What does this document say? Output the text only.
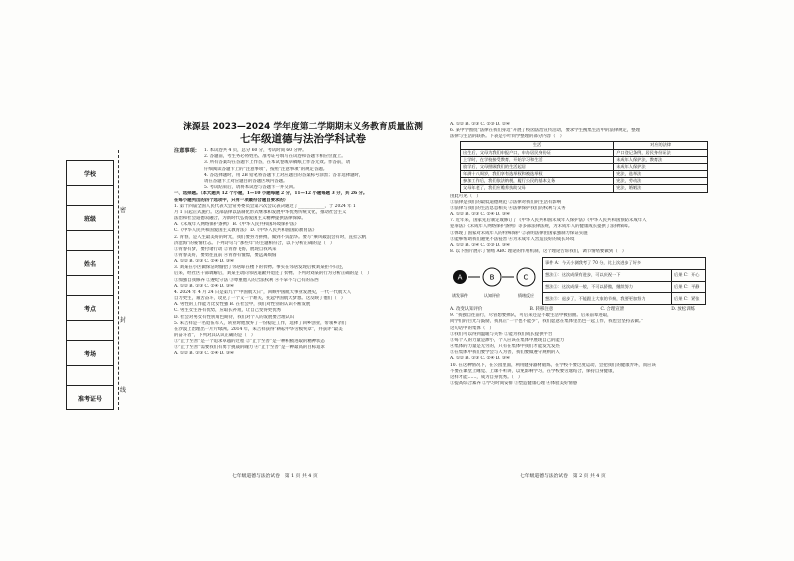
学校
班级
姓名
考点
考场
准考证号
密
封
线
涞源县 2023—2024 学年度第二学期期末义务教育质量监测
七年级道德与法治学科试卷
注意事项： 1. 本试卷共 4 页，总分 60 分，考试时间 60 分钟。
2. 答题前，考生务必将姓名、准考证号填写在试卷和答题卡相应位置上。
3. 所有答案均在答题卡上作答，在本试卷或草稿纸上作答无效。作答前，请
仔细阅读答题卡上的“注意事项”，按照“注意事项”的规定答题。
4. 答选择题时，用 2B 铅笔将答题卡上对应题目的答案标号涂黑；答非选择题时，
请在答题卡上对应题目的答题区域内答题。
5. 考试结束后，请将本试卷与答题卡一并交回。
一、选择题。（本大题共 12 个小题，1—10 小题每题 2 分，11—12 小题每题 3 分，共 26 分。
在每小题列出的四个选项中，只有一项最符合题目要求的）
1. 第十四届全国人民代表大会常务委员会第六次会议表决通过了____________，于 2024 年 1
月 1 日起正式施行。这部法律以法制化形式继承和发展中华优秀传统文化，推动社会主义
法治和社会道德双融合，为新时代弘扬爱国主义精神提供法律保障。
A.《未成年人网络保护条例》 B.《中华人民共和国环境保护法》
C.《中华人民共和国爱国主义教育法》 D.《中华人民共和国国防教育法》
2. 青春，是人生最美好的时光，我们要努力拼搏，做到不负韶华。要写“乘风破浪会有时，直挂云帆
济沧海”的豪情壮志。下列诗句与“那些年”的主题相符合，以下分析正确的是（　）
①青春有梦，要付诸行动 ②青春飞扬，展现自我风采
③青春美好，要勇往直前 ④青春有憧憬，要远离烦恼
A. ①② B. ①③ C. ②④ D. ③④
3. 刘某在小区做保洁时偷拾了邻居晾在楼下的衣物。事实在邻居发现后被刘某拒不归还，
后来，经社区干部调解后，刘某主动向邻居道歉并退还了衣物。下列对刘某的行为分析正确的是（　）
①加强自我修养 ②遵纪守法 ③尊重他人的合法权利 ④不拿不与己有的东西
A. ①② B. ①③ C. ②④ D. ③④
4. 2024 年 4 月 24 日是第九个“中国航天日”，回顾中国航天事业发展史，一代一代航天人
自力更生，艰苦奋斗，攻克了一个又一个难关，托起中国航天梦想。这反映了他们（　）
A. 男性的工作能力比女性强 B. 在社会中，我们对性别的认识不断发展
C. 男生女生各有优势，应取长补短，让自己变得更优秀
D. 社会对男女有性别角色期待，我们对个人的发展要合理认识
5. 朱吉祥是一名退伍军人，转业时他放弃了一份稳定工作，选择了回乡创业，带领乡亲们
在沙漠上治理出一片片绿洲。2014 年，朱吉祥获得“耕耘中华劳模奖章”，并获评“最美
的奋斗者”，下列对其认识正确的是（　）
①“止于至善”是一个追求卓越的过程 ②“止于至善”是一种积极进取的精神状态
③“止于至善”需要我们有勇于挑战的魄力 ④“止于至善”是一种最高的目标追求
A. ①② B. ①③ C. ②④ D. ③④
A. ①② B. ①③ C. ②③ D. ②④
6. 某中学围绕“法律在我们身边”开展了校园法治宣传活动，要求学生搜集生活中的法律规定，整理
法律与生活的联系。下表是小叶同学整理的部分内容（　）
生活	对应的法律
出生后，父母为我们申报户口，申办居民身份证	户口登记条例，居民身份证法
上学时，在学校接受教育，开始学习和生活	未成年人保护法，教育法
放学后，父母照顾我们的生活起居	未成年人保护法
年满十八周岁，我们享有选举权和被选举权	宪法，选举法
参加工作后，我们依法纳税，履行公民的基本义务	宪法，劳动法
父母年老了，我们应赡养扶助父母	宪法，婚姻法
由此可见（　）
①法律是我们的最低道德规范 ②法律对我们的生活有影响
③法律与我们的生活息息相关 ④法律保护我们的权利与义务
A. ①② B. ①③ C. ②④ D. ③④
7. 近年来，国家先后制定或修订了《中华人民共和国未成年人保护法》《中华人民共和国预防未成年人
犯罪法》《未成年人网络保护条例》等多部法律法规，为未成年人的健康成长提供了法律保障。
①体现了国家对未成年人的特殊保护 ②表明法律由国家强制力保证实施
③能够帮助我们避免不法侵害 ④为未成年人营造良好的成长环境
A. ①② B. ①④ C. ②③ D. ③④
8. 以下图片展示了情绪 ABC 理论的作用机制，这个理论告诉我们，调节情绪要做到（　）
A	B	C
诱发事件	认知评价	情绪反应
事件 A：今天小测我考了 70 分，比上次进步了好多	
想法①：这次成绩有进步，可以庆祝一下	后果 C：开心
想法②：这次成绩一般，不可以骄傲，继续努力	后果 C：平静
想法③：退步了，不能跟上大家的节奏，我要更加努力	后果 C：紧张
A. 改变认知评价	B. 转移注意	C. 合理宣泄	D. 放松训练
9. “我独自往前行，尽管想要掉队，可后来还是不敢生活中被扭曲。后来前辈进取，
同学们的目光与鼓励，我真正“一个也不能少”，我们愿意在集体里出色一起工作，我也会坚持去做。”
这句话中的集体（　）
①我们可以得到温暖与关怀 ②能为我们成长提供平台
③每个人的力量是渺小，个人应该在集体中展现自己的能力
④集体的力量是无穷的，只有在集体中我们才能发光发热
⑤在集体中我们要学会与人为善，我们要做遵守规则的人
A. ①② B. ①③ C. ②④ D. ③④
10. 在这种情况下，在公园里面，利用健身器材锻炼，在学校不要过度运动，会把我们的健康弄坏，而应该
不要在课堂上睡觉、上课不听讲，以免影响学习，在学校要劳逸结合，保持自身健康，
这样才能……，成为自身优秀。（　）
①提高综合素养 ②学习时间安排 ③塑造健康心理 ④体验美好情感
七年级道德与法治试卷　第 1 页 共 4 页	七年级道德与法治试卷　第 2 页 共 4 页
